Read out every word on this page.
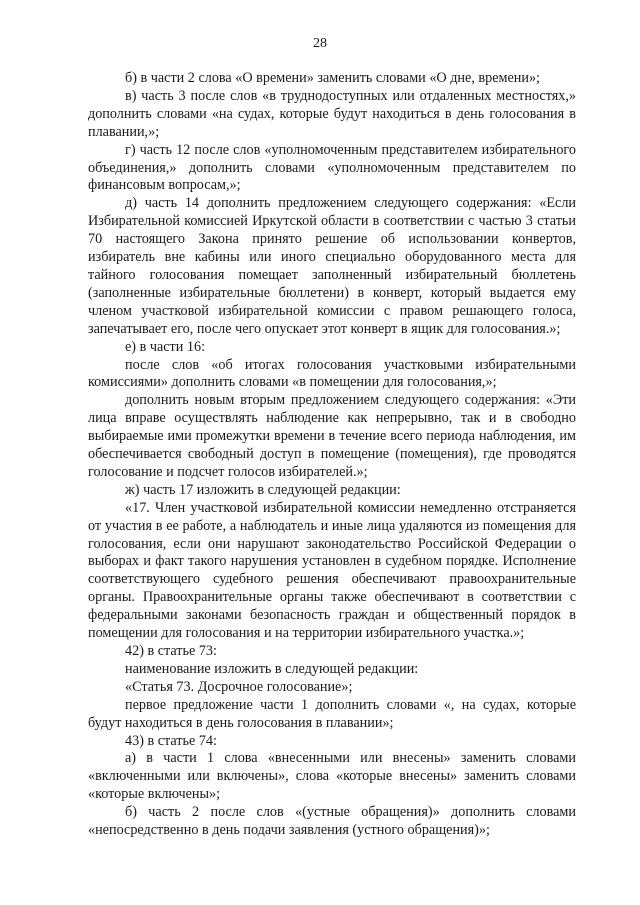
28

б) в части 2 слова «О времени» заменить словами «О дне, времени»;

в) часть 3 после слов «в труднодоступных или отдаленных местностях,» дополнить словами «на судах, которые будут находиться в день голосования в плавании,»;

г) часть 12 после слов «уполномоченным представителем избирательного объединения,» дополнить словами «уполномоченным представителем по финансовым вопросам,»;

д) часть 14 дополнить предложением следующего содержания: «Если Избирательной комиссией Иркутской области в соответствии с частью 3 статьи 70 настоящего Закона принято решение об использовании конвертов, избиратель вне кабины или иного специально оборудованного места для тайного голосования помещает заполненный избирательный бюллетень (заполненные избирательные бюллетени) в конверт, который выдается ему членом участковой избирательной комиссии с правом решающего голоса, запечатывает его, после чего опускает этот конверт в ящик для голосования.»;

е) в части 16:

после слов «об итогах голосования участковыми избирательными комиссиями» дополнить словами «в помещении для голосования,»;

дополнить новым вторым предложением следующего содержания: «Эти лица вправе осуществлять наблюдение как непрерывно, так и в свободно выбираемые ими промежутки времени в течение всего периода наблюдения, им обеспечивается свободный доступ в помещение (помещения), где проводятся голосование и подсчет голосов избирателей.»;

ж) часть 17 изложить в следующей редакции:

«17. Член участковой избирательной комиссии немедленно отстраняется от участия в ее работе, а наблюдатель и иные лица удаляются из помещения для голосования, если они нарушают законодательство Российской Федерации о выборах и факт такого нарушения установлен в судебном порядке. Исполнение соответствующего судебного решения обеспечивают правоохранительные органы. Правоохранительные органы также обеспечивают в соответствии с федеральными законами безопасность граждан и общественный порядок в помещении для голосования и на территории избирательного участка.»;

42) в статье 73:

наименование изложить в следующей редакции:

«Статья 73. Досрочное голосование»;

первое предложение части 1 дополнить словами «, на судах, которые будут находиться в день голосования в плавании»;

43) в статье 74:

а) в части 1 слова «внесенными или внесены» заменить словами «включенными или включены», слова «которые внесены» заменить словами «которые включены»;

б) часть 2 после слов «(устные обращения)» дополнить словами «непосредственно в день подачи заявления (устного обращения)»;
